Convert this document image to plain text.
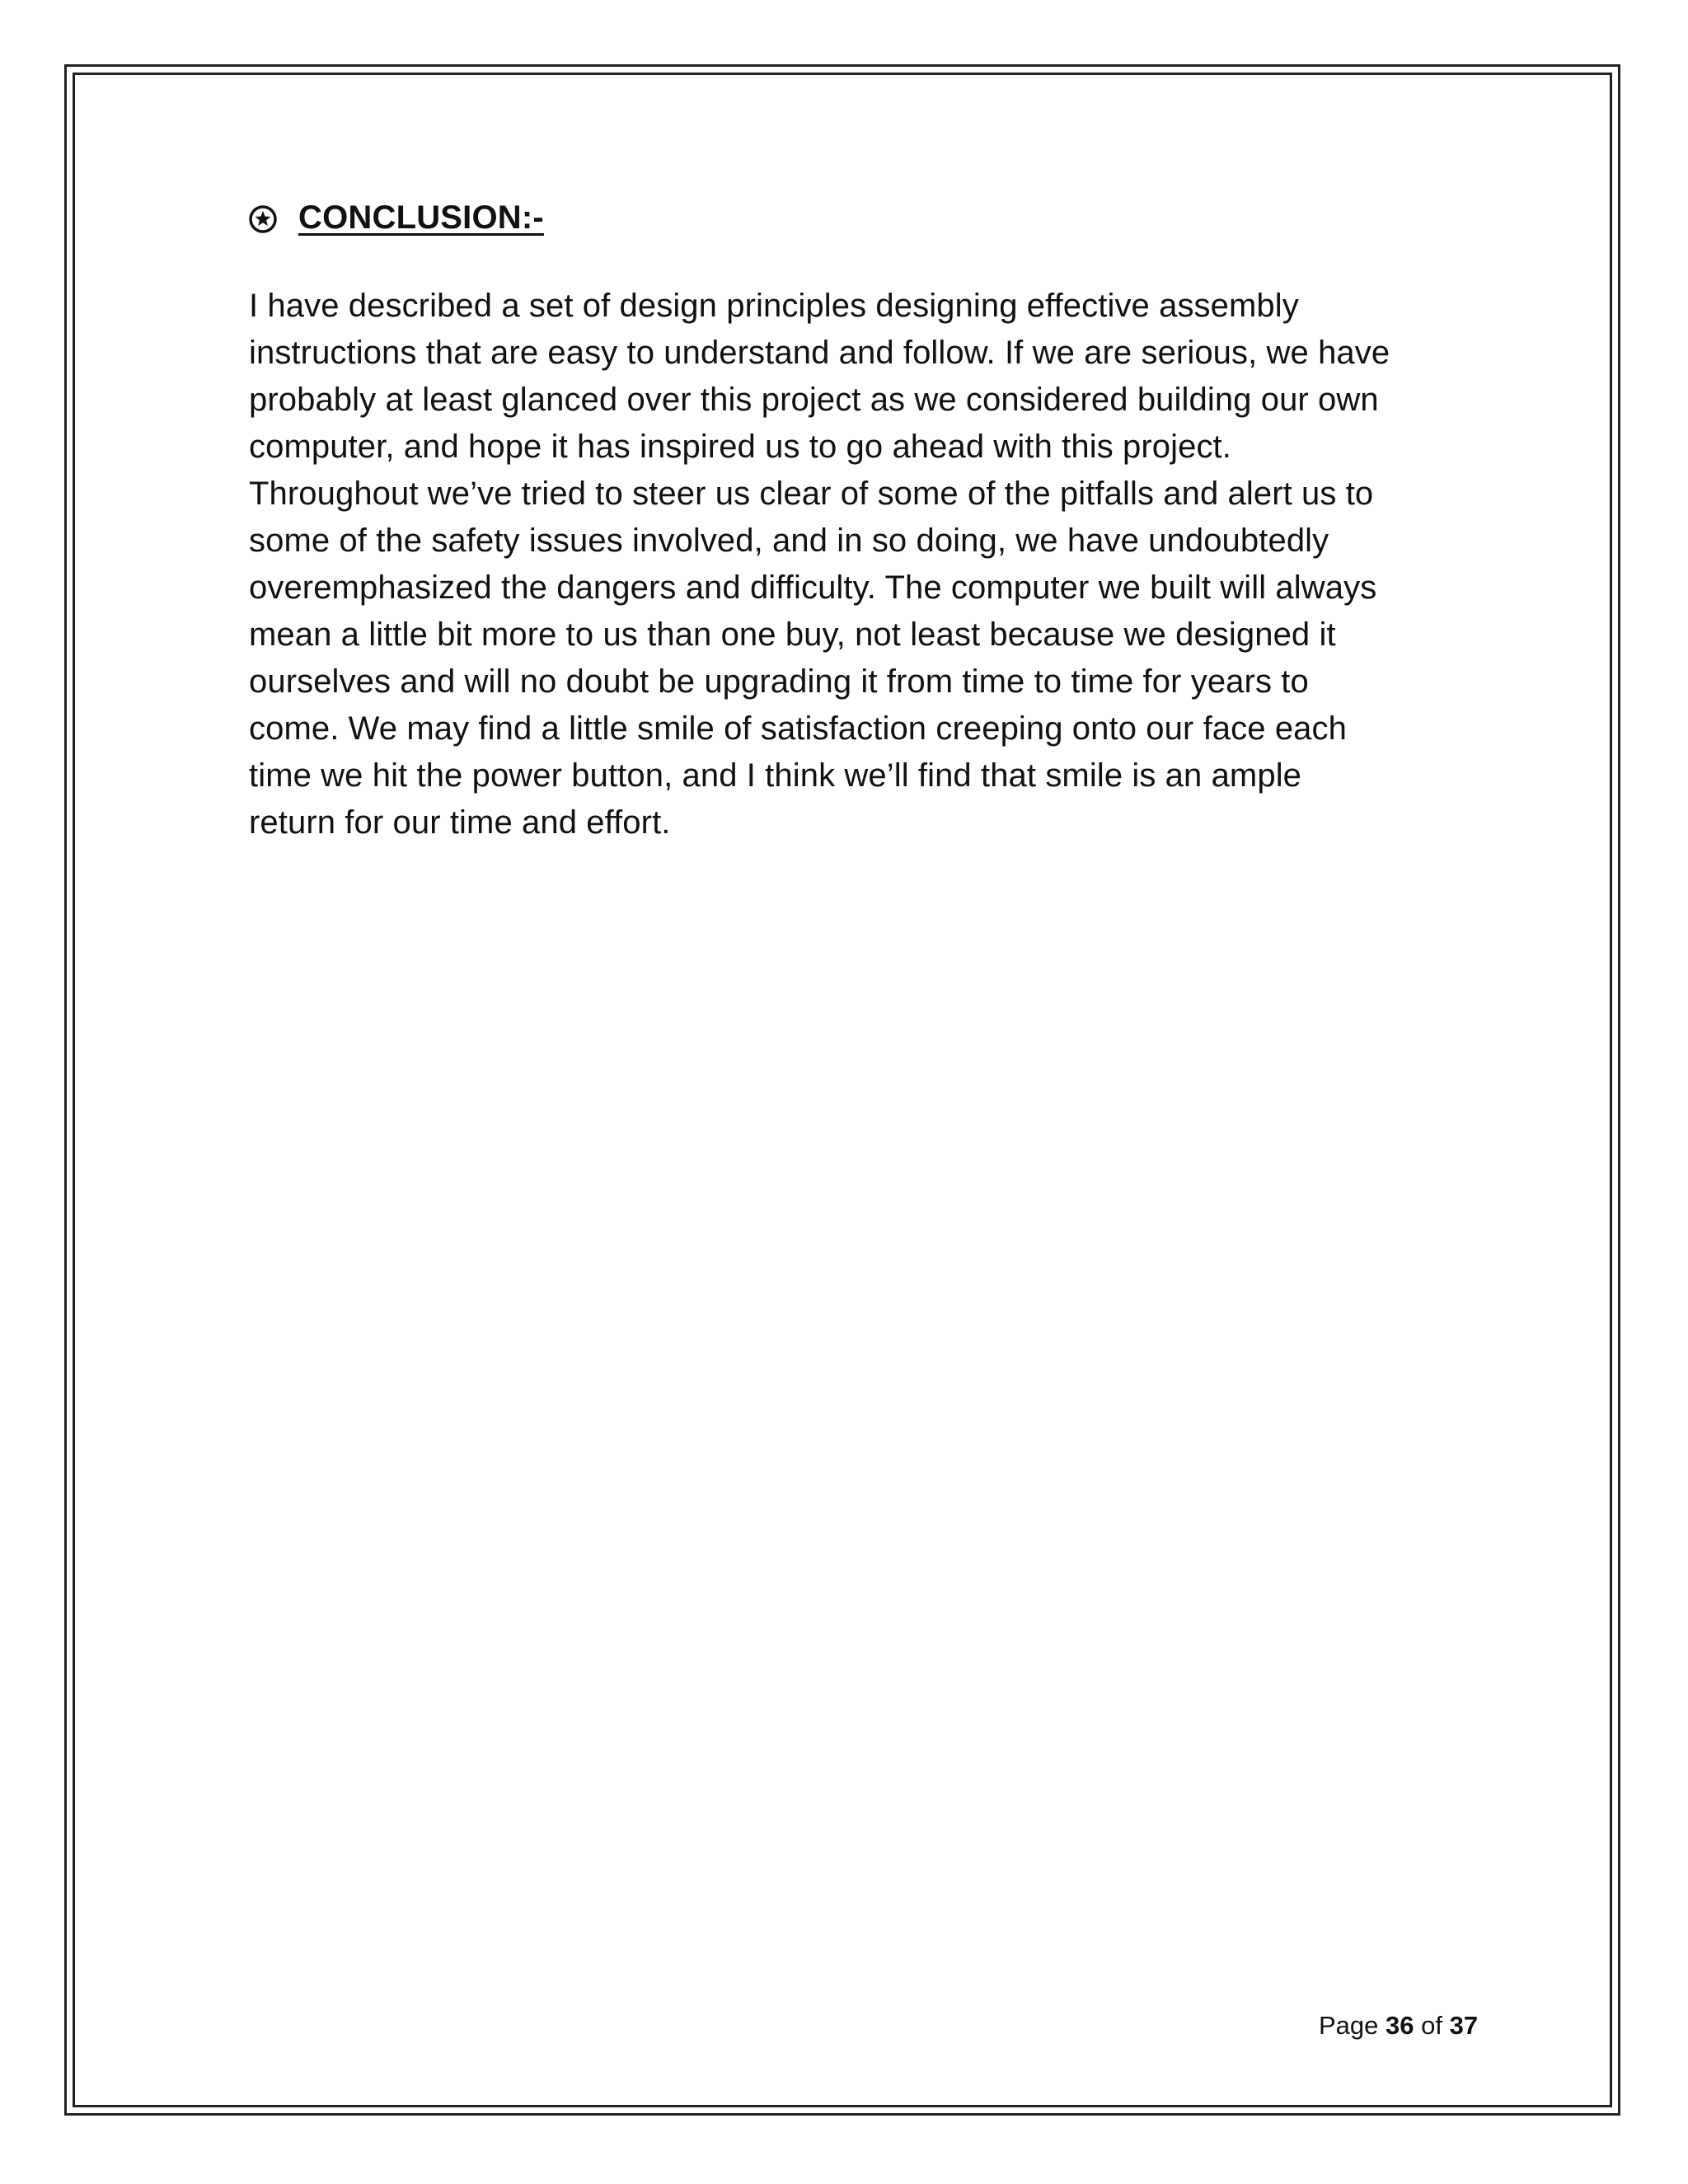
CONCLUSION:-
I have described a set of design principles designing effective assembly
instructions that are easy to understand and follow. If we are serious, we have
probably at least glanced over this project as we considered building our own
computer, and hope it has inspired us to go ahead with this project.
Throughout we’ve tried to steer us clear of some of the pitfalls and alert us to
some of the safety issues involved, and in so doing, we have undoubtedly
overemphasized the dangers and difficulty. The computer we built will always
mean a little bit more to us than one buy, not least because we designed it
ourselves and will no doubt be upgrading it from time to time for years to
come. We may find a little smile of satisfaction creeping onto our face each
time we hit the power button, and I think we’ll find that smile is an ample
return for our time and effort.
Page 36 of 37
